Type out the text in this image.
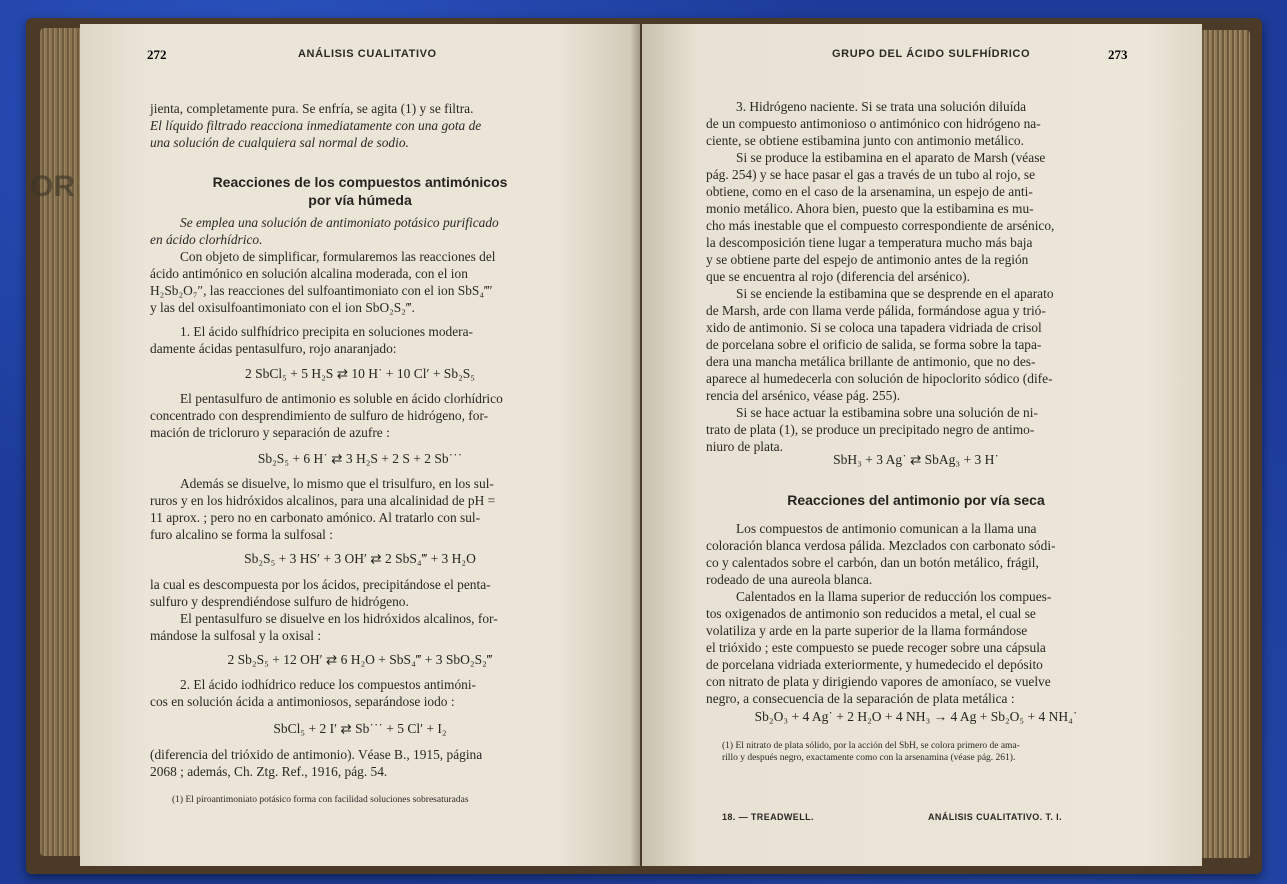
OR
272	ANÁLISIS CUALITATIVO
jienta, completamente pura. Se enfría, se agita (1) y se filtra.
El líquido filtrado reacciona inmediatamente con una gota de
una solución de cualquiera sal normal de sodio.
Reacciones de los compuestos antimónicos
por vía húmeda
Se emplea una solución de antimoniato potásico purificado
en ácido clorhídrico.
Con objeto de simplificar, formularemos las reacciones del
ácido antimónico en solución alcalina moderada, con el ion
H₂Sb₂O₇″, las reacciones del sulfoantimoniato con el ion SbS₄‴′
y las del oxisulfoantimoniato con el ion SbO₂S₂‴.
1. El ácido sulfhídrico precipita en soluciones modera-
damente ácidas pentasulfuro, rojo anaranjado:
2 SbCl₅ + 5 H₂S ⇄ 10 H˙ + 10 Cl′ + Sb₂S₅
El pentasulfuro de antimonio es soluble en ácido clorhídrico
concentrado con desprendimiento de sulfuro de hidrógeno, for-
mación de tricloruro y separación de azufre :
Sb₂S₅ + 6 H˙ ⇄ 3 H₂S + 2 S + 2 Sb˙˙˙
Además se disuelve, lo mismo que el trisulfuro, en los sul-
ruros y en los hidróxidos alcalinos, para una alcalinidad de pH =
11 aprox. ; pero no en carbonato amónico. Al tratarlo con sul-
furo alcalino se forma la sulfosal :
Sb₂S₅ + 3 HS′ + 3 OH′ ⇄ 2 SbS₄‴ + 3 H₂O
la cual es descompuesta por los ácidos, precipitándose el penta-
sulfuro y desprendiéndose sulfuro de hidrógeno.
El pentasulfuro se disuelve en los hidróxidos alcalinos, for-
mándose la sulfosal y la oxisal :
2 Sb₂S₅ + 12 OH′ ⇄ 6 H₂O + SbS₄‴ + 3 SbO₂S₂‴
2. El ácido iodhídrico reduce los compuestos antimóni-
cos en solución ácida a antimoniosos, separándose iodo :
SbCl₅ + 2 I′ ⇄ Sb˙˙˙ + 5 Cl′ + I₂
(diferencia del trióxido de antimonio). Véase B., 1915, página
2068 ; además, Ch. Ztg. Ref., 1916, pág. 54.
(1) El piroantimoniato potásico forma con facilidad soluciones sobresaturadas
GRUPO DEL ÁCIDO SULFHÍDRICO	273
3. Hidrógeno naciente. Si se trata una solución diluída
de un compuesto antimonioso o antimónico con hidrógeno na-
ciente, se obtiene estibamina junto con antimonio metálico.
Si se produce la estibamina en el aparato de Marsh (véase
pág. 254) y se hace pasar el gas a través de un tubo al rojo, se
obtiene, como en el caso de la arsenamina, un espejo de anti-
monio metálico. Ahora bien, puesto que la estibamina es mu-
cho más inestable que el compuesto correspondiente de arsénico,
la descomposición tiene lugar a temperatura mucho más baja
y se obtiene parte del espejo de antimonio antes de la región
que se encuentra al rojo (diferencia del arsénico).
Si se enciende la estibamina que se desprende en el aparato
de Marsh, arde con llama verde pálida, formándose agua y trió-
xido de antimonio. Si se coloca una tapadera vidriada de crisol
de porcelana sobre el orificio de salida, se forma sobre la tapa-
dera una mancha metálica brillante de antimonio, que no des-
aparece al humedecerla con solución de hipoclorito sódico (dife-
rencia del arsénico, véase pág. 255).
Si se hace actuar la estibamina sobre una solución de ni-
trato de plata (1), se produce un precipitado negro de antimo-
niuro de plata.
SbH₃ + 3 Ag˙ ⇄ SbAg₃ + 3 H˙
Reacciones del antimonio por vía seca
Los compuestos de antimonio comunican a la llama una
coloración blanca verdosa pálida. Mezclados con carbonato sódi-
co y calentados sobre el carbón, dan un botón metálico, frágil,
rodeado de una aureola blanca.
Calentados en la llama superior de reducción los compues-
tos oxigenados de antimonio son reducidos a metal, el cual se
volatiliza y arde en la parte superior de la llama formándose
el trióxido ; este compuesto se puede recoger sobre una cápsula
de porcelana vidriada exteriormente, y humedecido el depósito
con nitrato de plata y dirigiendo vapores de amoníaco, se vuelve
negro, a consecuencia de la separación de plata metálica :
Sb₂O₃ + 4 Ag˙ + 2 H₂O + 4 NH₃ → 4 Ag + Sb₂O₅ + 4 NH₄˙
(1) El nitrato de plata sólido, por la acción del SbH, se colora primero de ama-
rillo y después negro, exactamente como con la arsenamina (véase pág. 261).
18. — TREADWELL.	ANÁLISIS CUALITATIVO. T. I.
